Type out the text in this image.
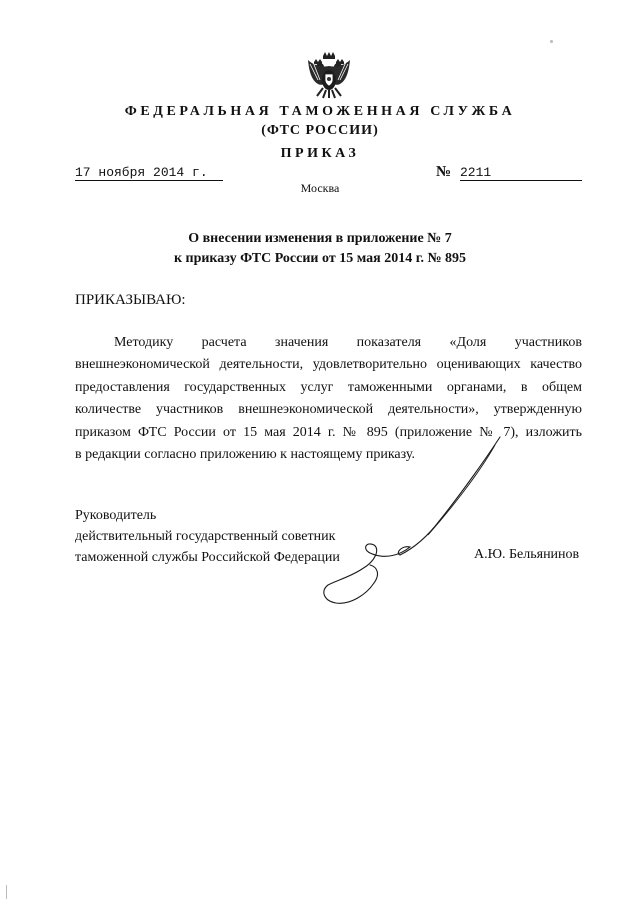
ФЕДЕРАЛЬНАЯ ТАМОЖЕННАЯ СЛУЖБА
(ФТС РОССИИ)
ПРИКАЗ
17 ноября 2014 г.	№ 2211
Москва
О внесении изменения в приложение № 7
к приказу ФТС России от 15 мая 2014 г. № 895
ПРИКАЗЫВАЮ:
Методику расчета значения показателя «Доля участников
внешнеэкономической деятельности, удовлетворительно оценивающих качество
предоставления государственных услуг таможенными органами, в общем
количестве участников внешнеэкономической деятельности», утвержденную
приказом ФТС России от 15 мая 2014 г. № 895 (приложение № 7), изложить
в редакции согласно приложению к настоящему приказу.
Руководитель
действительный государственный советник
таможенной службы Российской Федерации	А.Ю. Бельянинов
